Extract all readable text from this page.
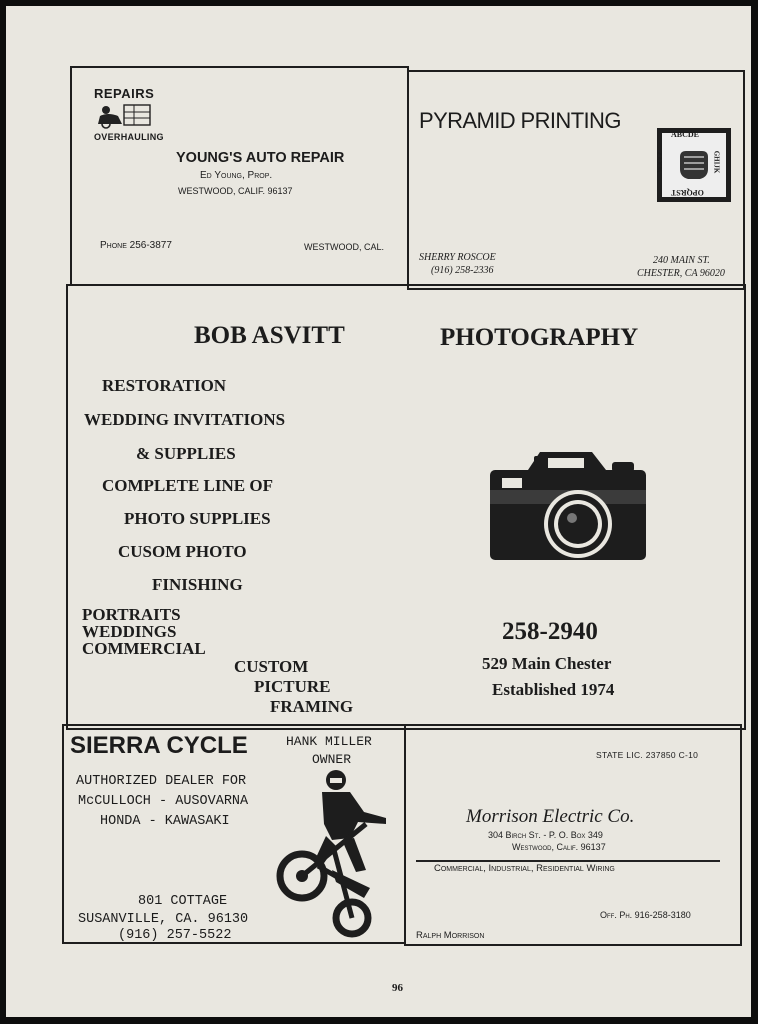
REPAIRS
OVERHAULING
YOUNG'S AUTO REPAIR
Ed Young, Prop.
WESTWOOD, CALIF. 96137
Phone 256-3877	WESTWOOD, CAL.
PYRAMID PRINTING
ABCDE
GHIJK
OPQRST
WXYZ
SHERRY ROSCOE
(916) 258-2336
240 MAIN ST.
CHESTER, CA 96020
BOB ASVITT	PHOTOGRAPHY
RESTORATION
WEDDING INVITATIONS
& SUPPLIES
COMPLETE LINE OF
PHOTO SUPPLIES
CUSOM PHOTO
FINISHING
PORTRAITS
WEDDINGS
COMMERCIAL
CUSTOM
PICTURE
FRAMING
258-2940
529 Main Chester
Established 1974
SIERRA CYCLE	HANK MILLER
OWNER
AUTHORIZED DEALER FOR
McCULLOCH - AUSOVARNA
HONDA - KAWASAKI
801 COTTAGE
SUSANVILLE, CA. 96130
(916) 257-5522
STATE LIC. 237850 C-10
Morrison Electric Co.
304 Birch St. - P. O. Box 349
Westwood, Calif. 96137
Commercial, Industrial, Residential Wiring
Off. Ph. 916-258-3180
Ralph Morrison
96
